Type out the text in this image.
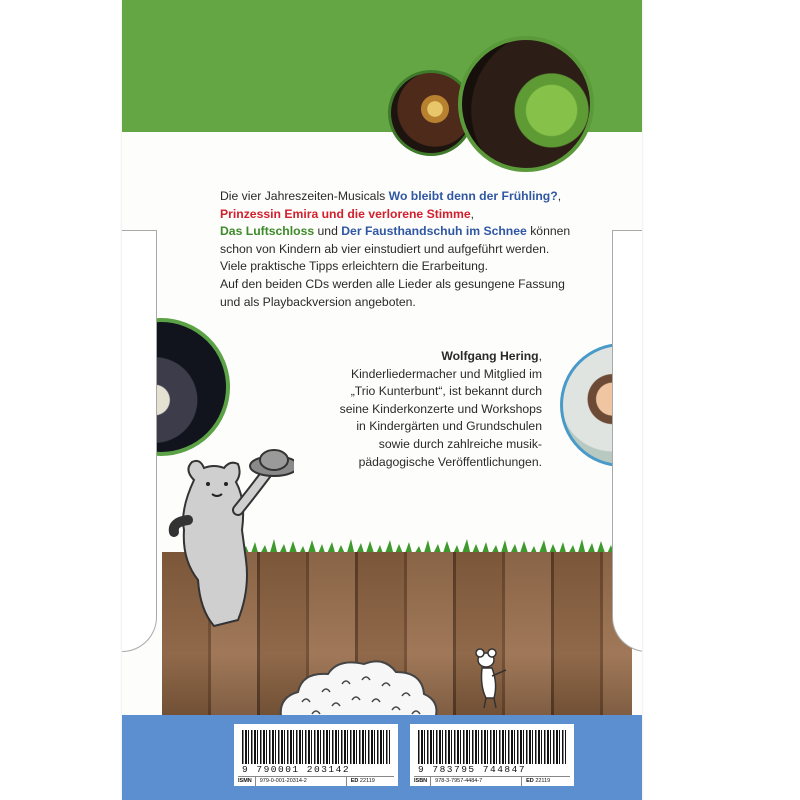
Die vier Jahreszeiten-Musicals Wo bleibt denn der Frühling?,

Prinzessin Emira und die verlorene Stimme,

Das Luftschloss und Der Fausthandschuh im Schnee können

schon von Kindern ab vier einstudiert und aufgeführt werden.

Viele praktische Tipps erleichtern die Erarbeitung.

Auf den beiden CDs werden alle Lieder als gesungene Fassung

und als Playbackversion angeboten.

Wolfgang Hering,

Kinderliedermacher und Mitglied im

„Trio Kunterbunt“, ist bekannt durch

seine Kinderkonzerte und Workshops

in Kindergärten und Grundschulen

sowie durch zahlreiche musik-

pädagogische Veröffentlichungen.

9 790001 203142
ISMN 979-0-001-20314-2	ED 22119
9 783795 744847
ISBN 978-3-7957-4484-7	ED 22119
